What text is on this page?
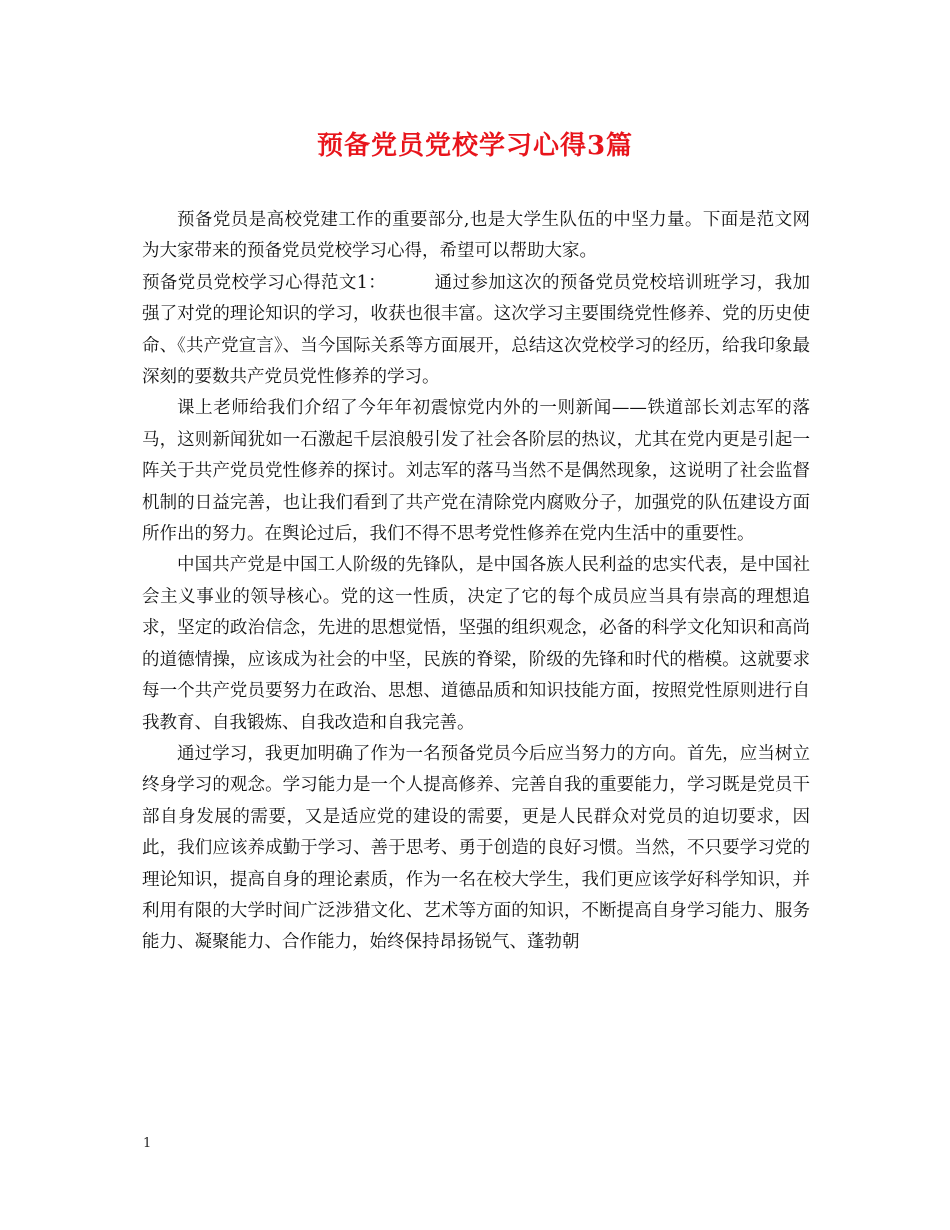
预备党员党校学习心得3篇

预备党员是高校党建工作的重要部分,也是大学生队伍的中坚力量。下面是范文网为大家带来的预备党员党校学习心得，希望可以帮助大家。

预备党员党校学习心得范文1：	通过参加这次的预备党员党校培训班学习，我加强了对党的理论知识的学习，收获也很丰富。这次学习主要围绕党性修养、党的历史使命、《共产党宣言》、当今国际关系等方面展开，总结这次党校学习的经历，给我印象最深刻的要数共产党员党性修养的学习。

课上老师给我们介绍了今年年初震惊党内外的一则新闻——铁道部长刘志军的落马，这则新闻犹如一石激起千层浪般引发了社会各阶层的热议，尤其在党内更是引起一阵关于共产党员党性修养的探讨。刘志军的落马当然不是偶然现象，这说明了社会监督机制的日益完善，也让我们看到了共产党在清除党内腐败分子，加强党的队伍建设方面所作出的努力。在舆论过后，我们不得不思考党性修养在党内生活中的重要性。

中国共产党是中国工人阶级的先锋队，是中国各族人民利益的忠实代表，是中国社会主义事业的领导核心。党的这一性质，决定了它的每个成员应当具有崇高的理想追求，坚定的政治信念，先进的思想觉悟，坚强的组织观念，必备的科学文化知识和高尚的道德情操，应该成为社会的中坚，民族的脊梁，阶级的先锋和时代的楷模。这就要求每一个共产党员要努力在政治、思想、道德品质和知识技能方面，按照党性原则进行自我教育、自我锻炼、自我改造和自我完善。

通过学习，我更加明确了作为一名预备党员今后应当努力的方向。首先，应当树立终身学习的观念。学习能力是一个人提高修养、完善自我的重要能力，学习既是党员干部自身发展的需要，又是适应党的建设的需要，更是人民群众对党员的迫切要求，因此，我们应该养成勤于学习、善于思考、勇于创造的良好习惯。当然，不只要学习党的理论知识，提高自身的理论素质，作为一名在校大学生，我们更应该学好科学知识，并利用有限的大学时间广泛涉猎文化、艺术等方面的知识，不断提高自身学习能力、服务能力、凝聚能力、合作能力，始终保持昂扬锐气、蓬勃朝

1
